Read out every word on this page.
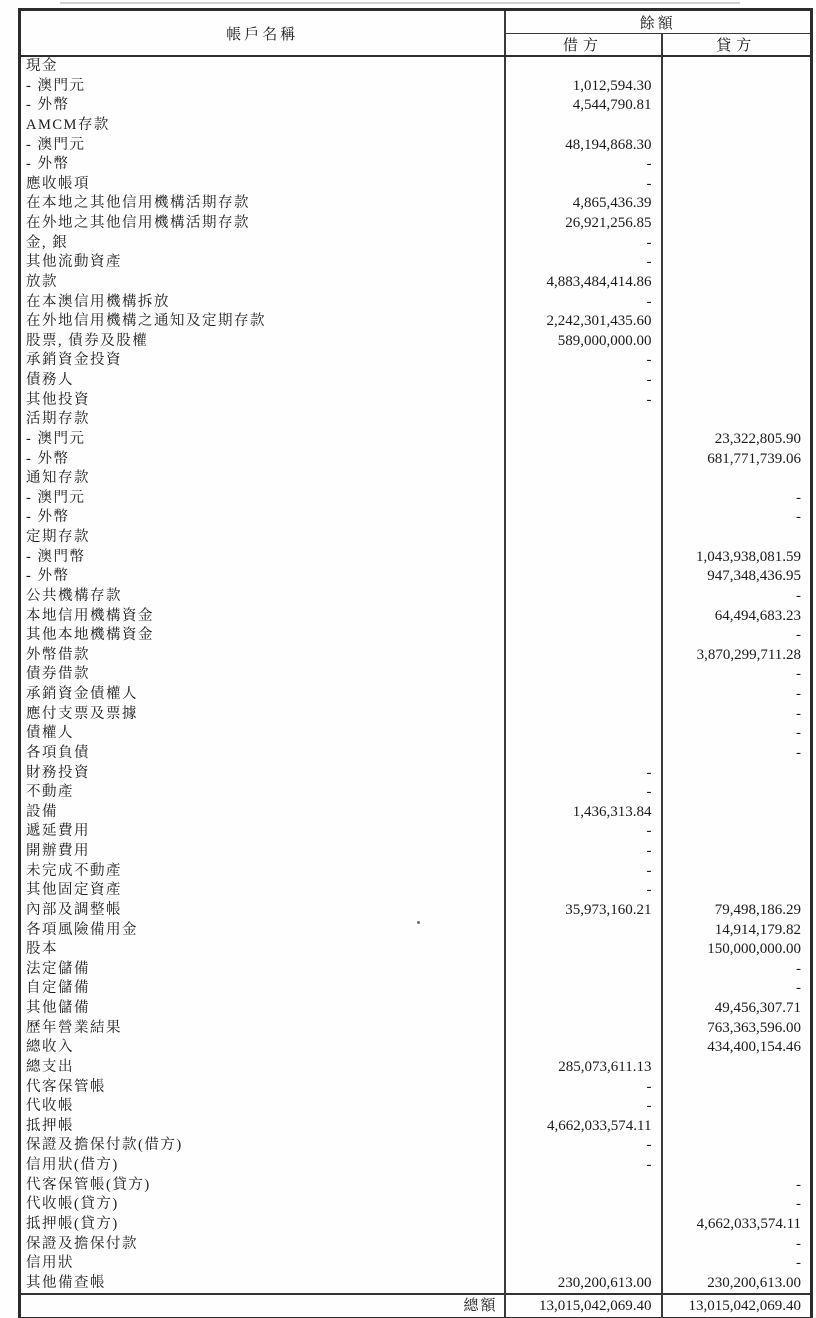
帳戶名稱	餘額	
	借方	貸方
現金		
- 澳門元	1,012,594.30	
- 外幣	4,544,790.81	
AMCM存款		
- 澳門元	48,194,868.30	
- 外幣	-	
應收帳項	-	
在本地之其他信用機構活期存款	4,865,436.39	
在外地之其他信用機構活期存款	26,921,256.85	
金, 銀	-	
其他流動資產	-	
放款	4,883,484,414.86	
在本澳信用機構拆放	-	
在外地信用機構之通知及定期存款	2,242,301,435.60	
股票, 債券及股權	589,000,000.00	
承銷資金投資	-	
債務人	-	
其他投資	-	
活期存款		
- 澳門元		23,322,805.90
- 外幣		681,771,739.06
通知存款		
- 澳門元		-
- 外幣		-
定期存款		
- 澳門幣		1,043,938,081.59
- 外幣		947,348,436.95
公共機構存款		-
本地信用機構資金		64,494,683.23
其他本地機構資金		-
外幣借款		3,870,299,711.28
債券借款		-
承銷資金債權人		-
應付支票及票據		-
債權人		-
各項負債		-
財務投資	-	
不動產	-	
設備	1,436,313.84	
遞延費用	-	
開辦費用	-	
未完成不動產	-	
其他固定資產	-	
內部及調整帳	35,973,160.21	79,498,186.29
各項風險備用金		14,914,179.82
股本		150,000,000.00
法定儲備		-
自定儲備		-
其他儲備		49,456,307.71
歷年營業結果		763,363,596.00
總收入		434,400,154.46
總支出	285,073,611.13	
代客保管帳	-	
代收帳	-	
抵押帳	4,662,033,574.11	
保證及擔保付款(借方)	-	
信用狀(借方)	-	
代客保管帳(貸方)		-
代收帳(貸方)		-
抵押帳(貸方)		4,662,033,574.11
保證及擔保付款		-
信用狀		-
其他備查帳	230,200,613.00	230,200,613.00
總額	13,015,042,069.40	13,015,042,069.40
